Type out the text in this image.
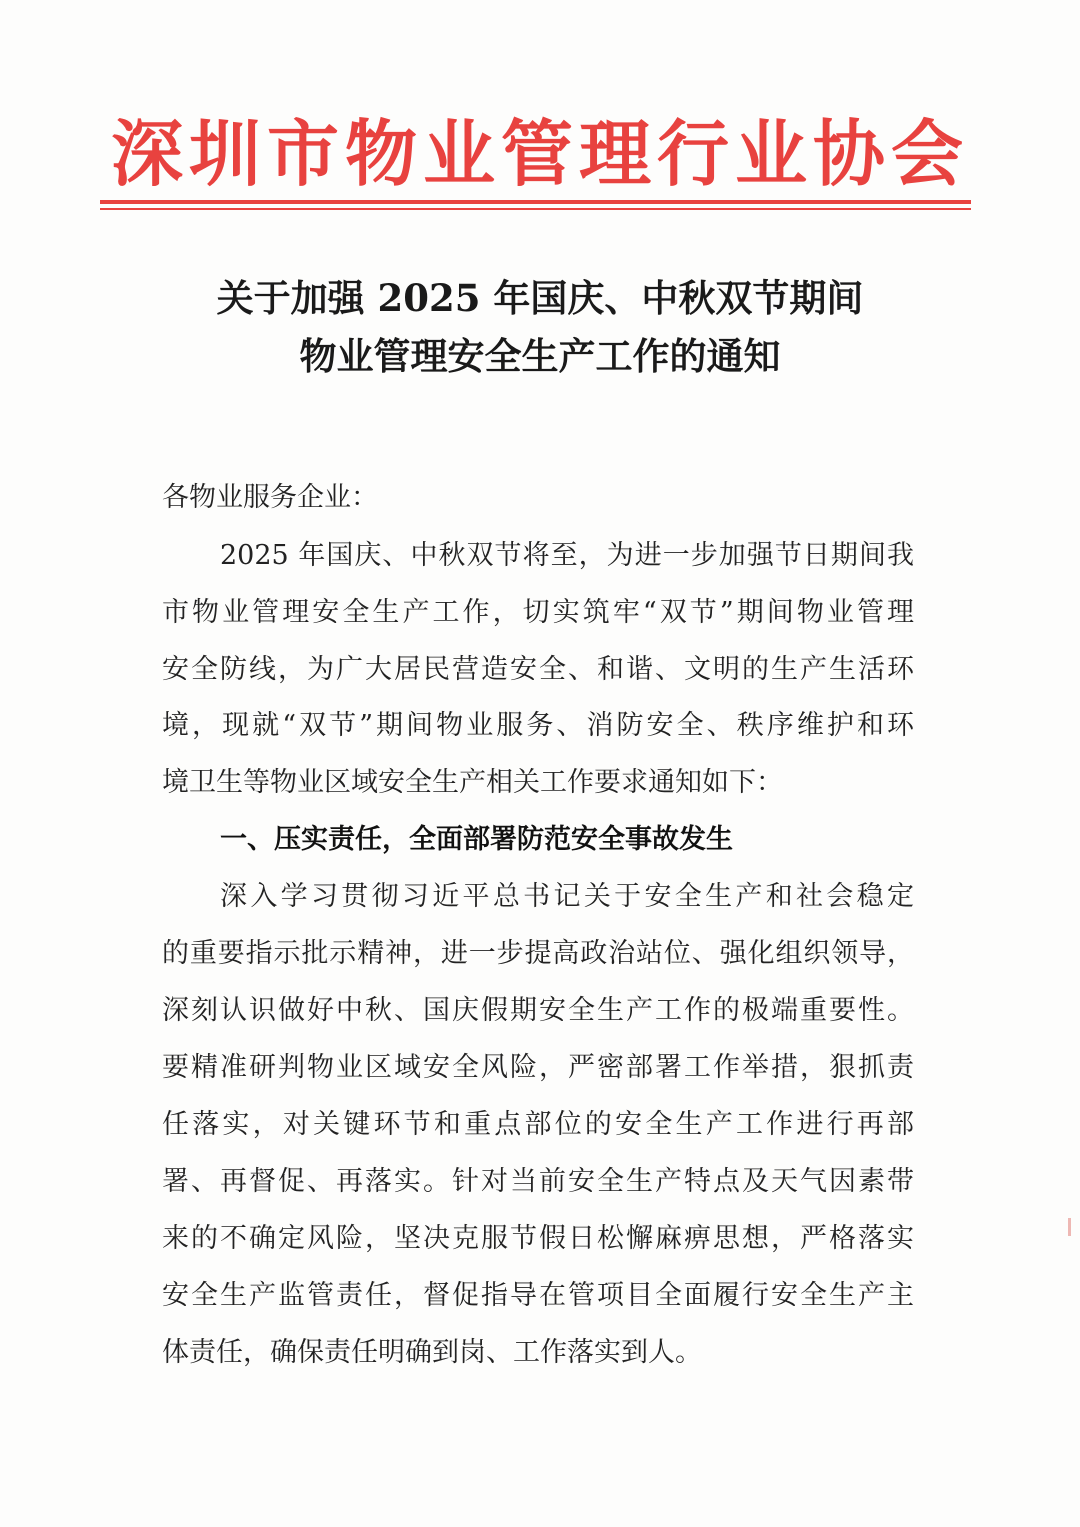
深圳市物业管理行业协会
关于加强 2025 年国庆、中秋双节期间
物业管理安全生产工作的通知
各物业服务企业：
2025 年国庆、中秋双节将至，为进一步加强节日期间我
市物业管理安全生产工作，切实筑牢“双节”期间物业管理
安全防线，为广大居民营造安全、和谐、文明的生产生活环
境，现就“双节”期间物业服务、消防安全、秩序维护和环
境卫生等物业区域安全生产相关工作要求通知如下：
一、压实责任，全面部署防范安全事故发生
深入学习贯彻习近平总书记关于安全生产和社会稳定
的重要指示批示精神，进一步提高政治站位、强化组织领导，
深刻认识做好中秋、国庆假期安全生产工作的极端重要性。
要精准研判物业区域安全风险，严密部署工作举措，狠抓责
任落实，对关键环节和重点部位的安全生产工作进行再部
署、再督促、再落实。针对当前安全生产特点及天气因素带
来的不确定风险，坚决克服节假日松懈麻痹思想，严格落实
安全生产监管责任，督促指导在管项目全面履行安全生产主
体责任，确保责任明确到岗、工作落实到人。
